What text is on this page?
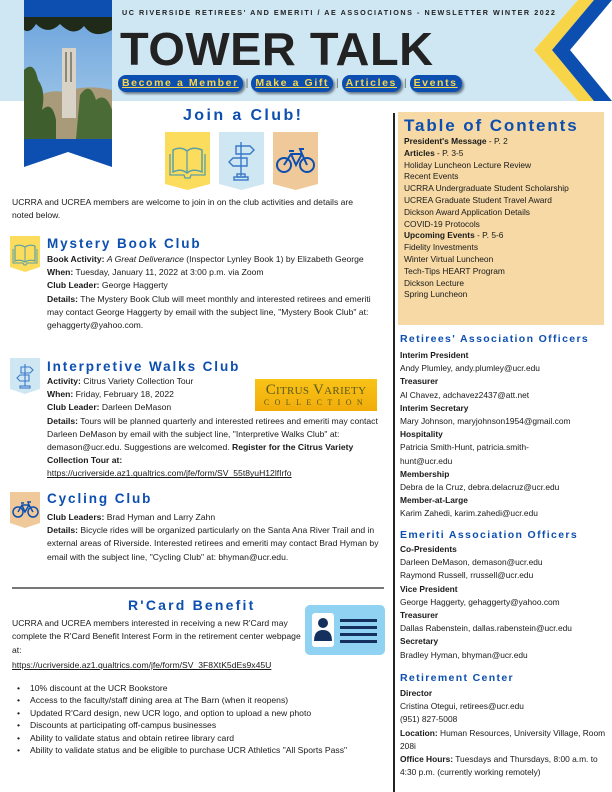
UC RIVERSIDE RETIREES' AND EMERITI / AE ASSOCIATIONS - NEWSLETTER WINTER 2022
TOWER TALK
Become a Member | Make a Gift | Articles | Events
Join a Club!
UCRRA and UCREA members are welcome to join in on the club activities and details are noted below.
Mystery Book Club
Book Activity: A Great Deliverance (Inspector Lynley Book 1) by Elizabeth George
When: Tuesday, January 11, 2022 at 3:00 p.m. via Zoom
Club Leader: George Haggerty
Details: The Mystery Book Club will meet monthly and interested retirees and emeriti may contact George Haggerty by email with the subject line, "Mystery Book Club" at: gehaggerty@yahoo.com.
Interpretive Walks Club
Citrus Variety
COLLECTION
Activity: Citrus Variety Collection Tour
When: Friday, February 18, 2022
Club Leader: Darleen DeMason
Details: Tours will be planned quarterly and interested retirees and emeriti may contact Darleen DeMason by email with the subject line, "Interpretive Walks Club" at: demason@ucr.edu. Suggestions are welcomed. Register for the Citrus Variety Collection Tour at:
https://ucriverside.az1.qualtrics.com/jfe/form/SV_55t8yuH12lfIrfo
Cycling Club
Club Leaders: Brad Hyman and Larry Zahn
Details: Bicycle rides will be organized particularly on the Santa Ana River Trail and in external areas of Riverside. Interested retirees and emeriti may contact Brad Hyman by email with the subject line, "Cycling Club" at: bhyman@ucr.edu.
R'Card Benefit
UCRRA and UCREA members interested in receiving a new R'Card may complete the R'Card Benefit Interest Form in the retirement center webpage at:
https://ucriverside.az1.qualtrics.com/jfe/form/SV_3F8XtK5dEs9x45U
• 10% discount at the UCR Bookstore
• Access to the faculty/staff dining area at The Barn (when it reopens)
• Updated R'Card design, new UCR logo, and option to upload a new photo
• Discounts at participating off-campus businesses
• Ability to validate status and obtain retiree library card
• Ability to validate status and be eligible to purchase UCR Athletics "All Sports Pass"
Table of Contents
President's Message - P. 2
Articles - P. 3-5
Holiday Luncheon Lecture Review
Recent Events
UCRRA Undergraduate Student Scholarship
UCREA Graduate Student Travel Award
Dickson Award Application Details
COVID-19 Protocols
Upcoming Events - P. 5-6
Fidelity Investments
Winter Virtual Luncheon
Tech-Tips HEART Program
Dickson Lecture
Spring Luncheon
Retirees' Association Officers
Interim President
Andy Plumley, andy.plumley@ucr.edu
Treasurer
Al Chavez, adchavez2437@att.net
Interim Secretary
Mary Johnson, maryjohnson1954@gmail.com
Hospitality
Patricia Smith-Hunt, patricia.smith-hunt@ucr.edu
Membership
Debra de la Cruz, debra.delacruz@ucr.edu
Member-at-Large
Karim Zahedi, karim.zahedi@ucr.edu
Emeriti Association Officers
Co-Presidents
Darleen DeMason, demason@ucr.edu
Raymond Russell, rrussell@ucr.edu
Vice President
George Haggerty, gehaggerty@yahoo.com
Treasurer
Dallas Rabenstein, dallas.rabenstein@ucr.edu
Secretary
Bradley Hyman, bhyman@ucr.edu
Retirement Center
Director
Cristina Otegui, retirees@ucr.edu
(951) 827-5008
Location: Human Resources, University Village, Room 208i
Office Hours: Tuesdays and Thursdays, 8:00 a.m. to 4:30 p.m. (currently working remotely)
